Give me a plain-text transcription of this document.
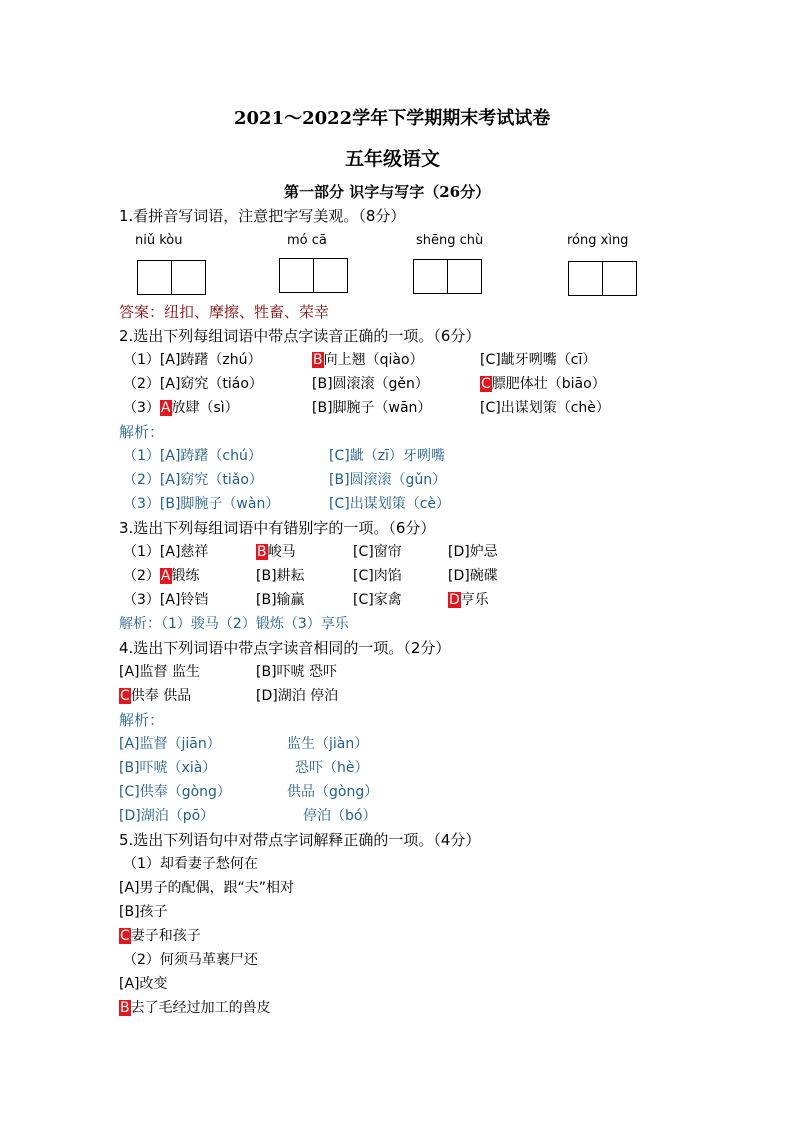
2021～2022学年下学期期末考试试卷
五年级语文
第一部分 识字与写字（26分）
1.看拼音写词语，注意把字写美观。（8分）
niǔ kòu	mó cā	shēng chù	róng xìng
答案：纽扣、摩擦、牲畜、荣幸
2.选出下列每组词语中带点字读音正确的一项。（6分）
（1）[A]踌躇（zhú）	B向上翘（qiào）	[C]龇牙咧嘴（cī）
（2）[A]窈究（tiáo）	[B]圆滚滚（gěn）	C膘肥体壮（biāo）
（3）A放肆（sì）	[B]脚腕子（wān）	[C]出谋划策（chè）
解析：
（1）[A]踌躇（chú）	[C]龇（zī）牙咧嘴
（2）[A]窈究（tiǎo）	[B]圆滚滚（gǔn）
（3）[B]脚腕子（wàn）	[C]出谋划策（cè）
3.选出下列每组词语中有错别字的一项。（6分）
（1）[A]慈祥	B峻马	[C]窗帘	[D]妒忌
（2）A锻练	[B]耕耘	[C]肉馅	[D]碗碟
（3）[A]铃铛	[B]输赢	[C]家禽	D亨乐
解析：（1）骏马（2）锻炼（3）享乐
4.选出下列词语中带点字读音相同的一项。（2分）
[A]监督 监生	[B]吓唬 恐吓
C供奉 供品	[D]湖泊 停泊
解析：
[A]监督（jiān）	监生（jiàn）
[B]吓唬（xià）	恐吓（hè）
[C]供奉（gòng）	供品（gòng）
[D]湖泊（pō）	停泊（bó）
5.选出下列语句中对带点字词解释正确的一项。（4分）
（1）却看妻子愁何在
[A]男子的配偶，跟“夫”相对
[B]孩子
C妻子和孩子
（2）何须马革裹尸还
[A]改变
B去了毛经过加工的兽皮
